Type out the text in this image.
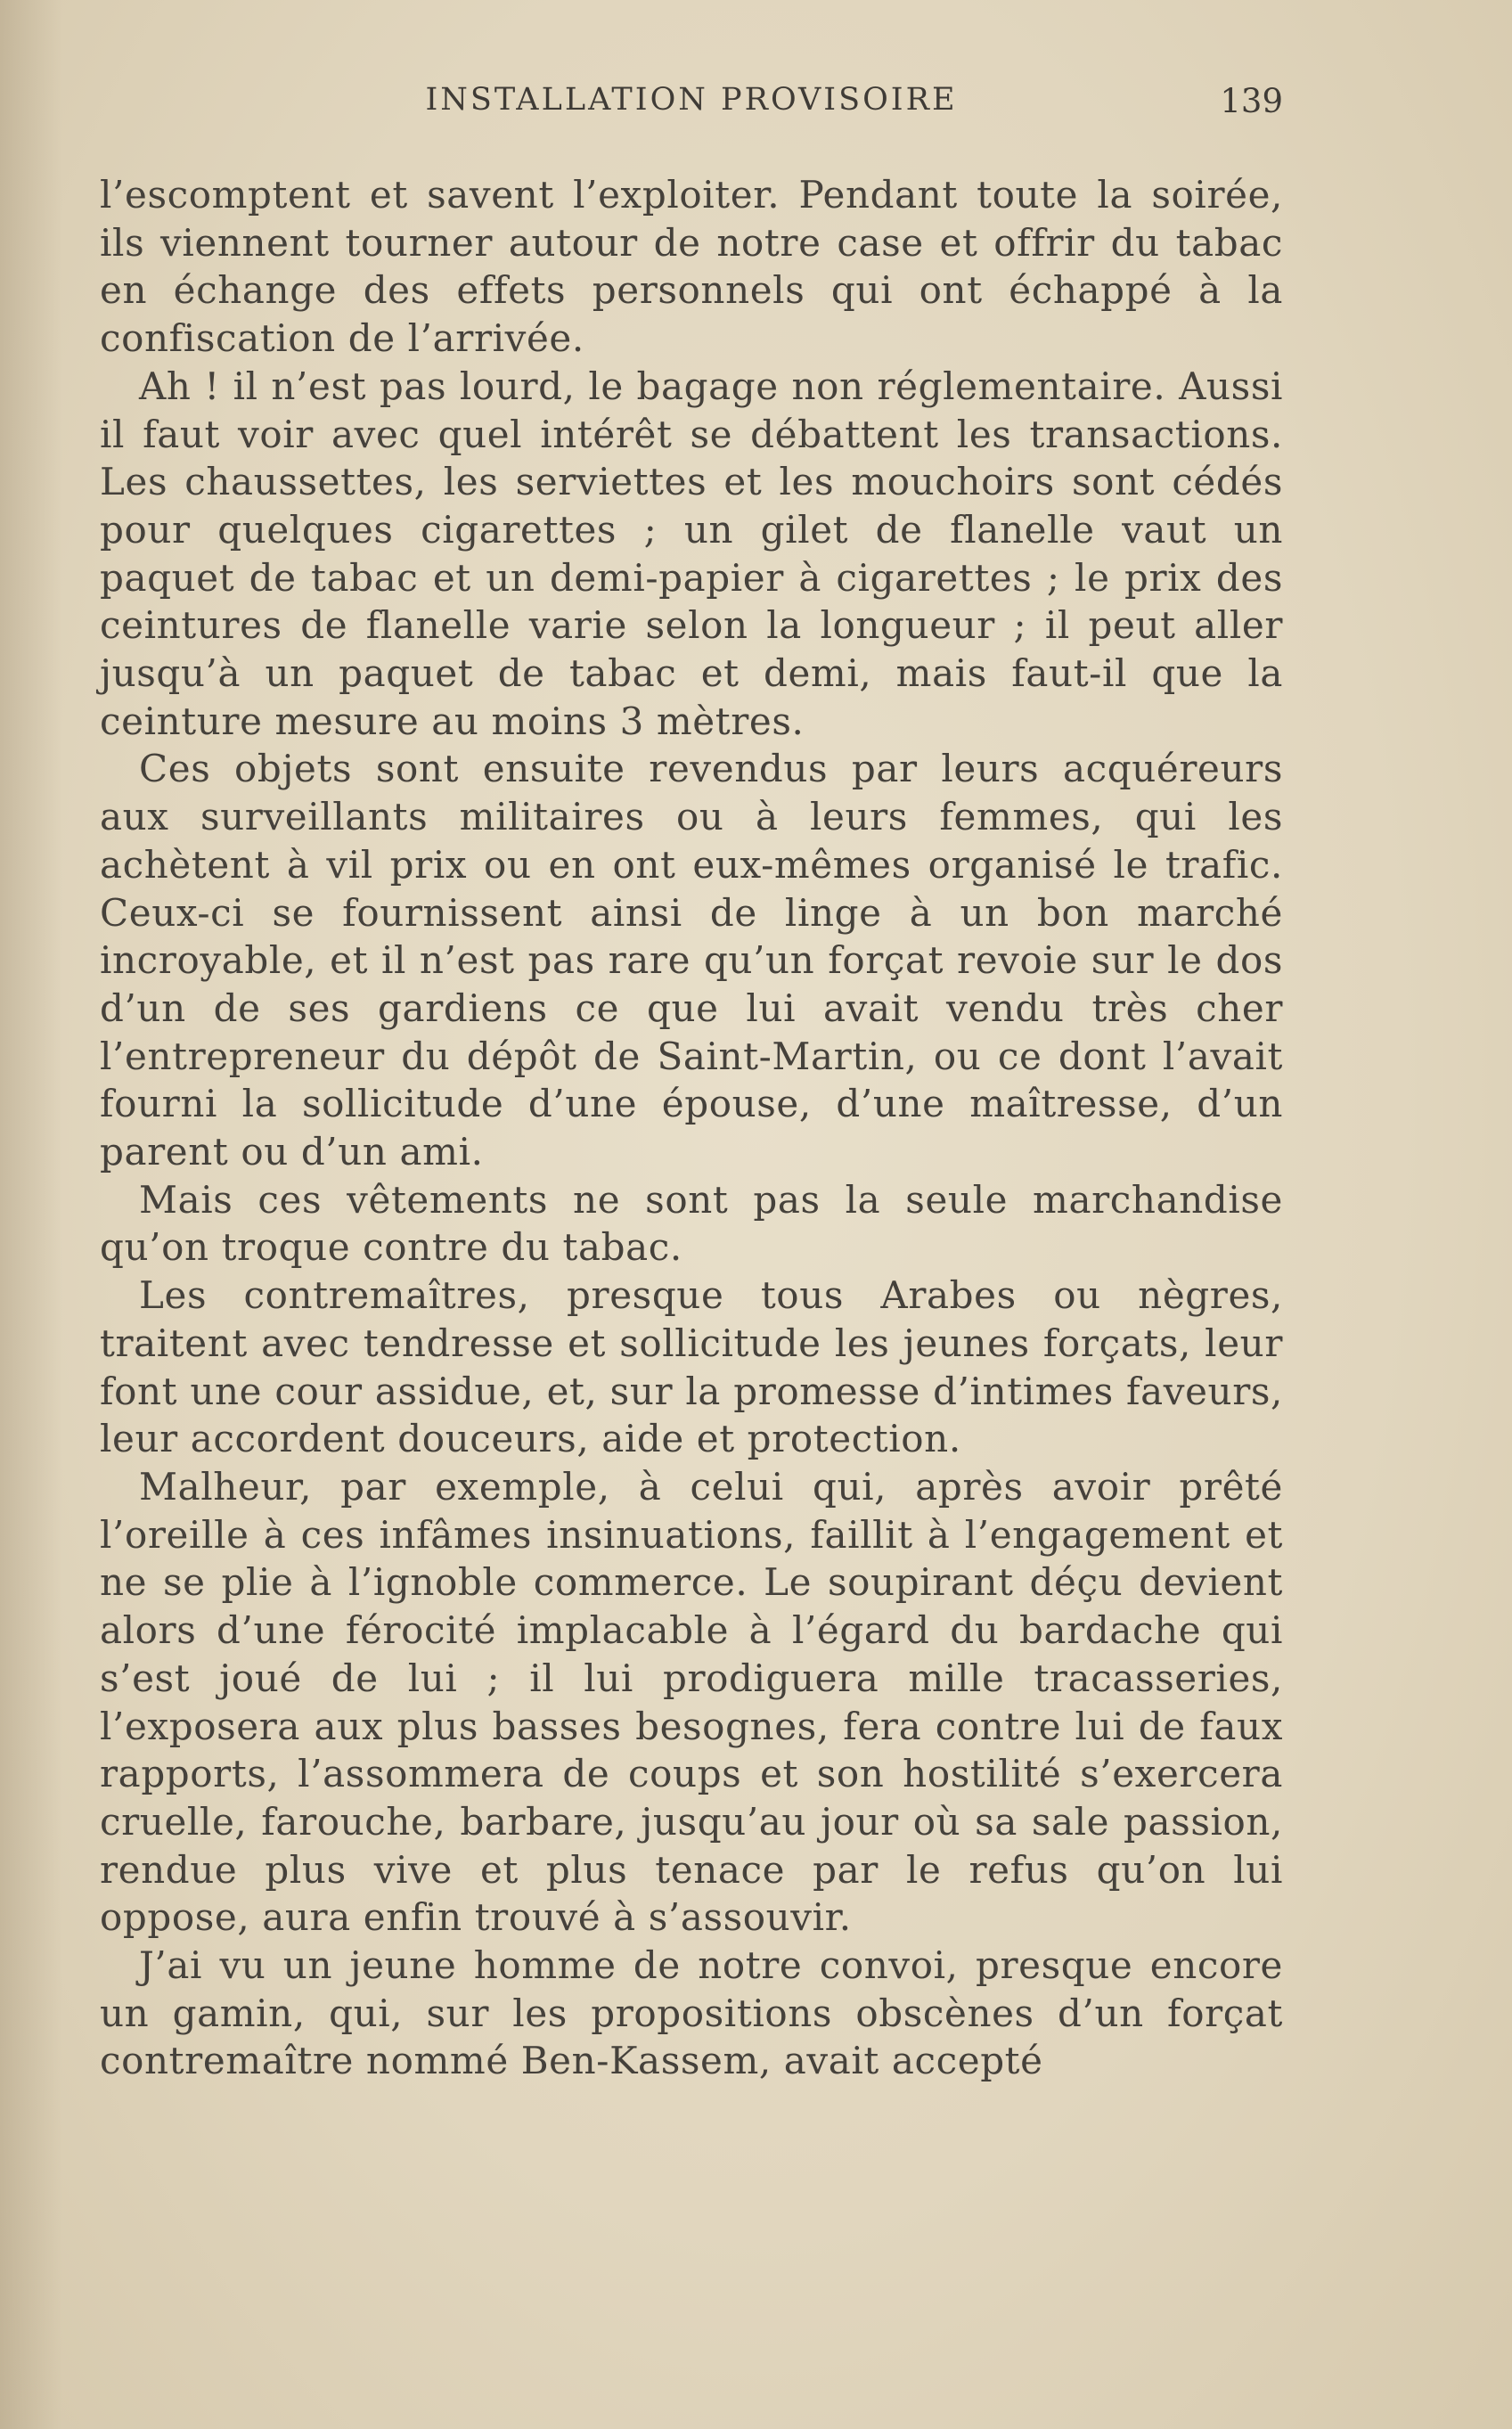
INSTALLATION PROVISOIRE	139

l’escomptent et savent l’exploiter. Pendant toute la soirée, ils viennent tourner autour de notre case et offrir du tabac en échange des effets personnels qui ont échappé à la confiscation de l’arrivée.

Ah ! il n’est pas lourd, le bagage non réglementaire. Aussi il faut voir avec quel intérêt se débattent les transactions. Les chaussettes, les serviettes et les mouchoirs sont cédés pour quelques cigarettes ; un gilet de flanelle vaut un paquet de tabac et un demi-papier à cigarettes ; le prix des ceintures de flanelle varie selon la longueur ; il peut aller jusqu’à un paquet de tabac et demi, mais faut-il que la ceinture mesure au moins 3 mètres.

Ces objets sont ensuite revendus par leurs acquéreurs aux surveillants militaires ou à leurs femmes, qui les achètent à vil prix ou en ont eux-mêmes organisé le trafic. Ceux-ci se fournissent ainsi de linge à un bon marché incroyable, et il n’est pas rare qu’un forçat revoie sur le dos d’un de ses gardiens ce que lui avait vendu très cher l’entrepreneur du dépôt de Saint-Martin, ou ce dont l’avait fourni la sollicitude d’une épouse, d’une maîtresse, d’un parent ou d’un ami.

Mais ces vêtements ne sont pas la seule marchandise qu’on troque contre du tabac.

Les contremaîtres, presque tous Arabes ou nègres, traitent avec tendresse et sollicitude les jeunes forçats, leur font une cour assidue, et, sur la promesse d’intimes faveurs, leur accordent douceurs, aide et protection.

Malheur, par exemple, à celui qui, après avoir prêté l’oreille à ces infâmes insinuations, faillit à l’engagement et ne se plie à l’ignoble commerce. Le soupirant déçu devient alors d’une férocité implacable à l’égard du bardache qui s’est joué de lui ; il lui prodiguera mille tracasseries, l’exposera aux plus basses besognes, fera contre lui de faux rapports, l’assommera de coups et son hostilité s’exercera cruelle, farouche, barbare, jusqu’au jour où sa sale passion, rendue plus vive et plus tenace par le refus qu’on lui oppose, aura enfin trouvé à s’assouvir.

J’ai vu un jeune homme de notre convoi, presque encore un gamin, qui, sur les propositions obscènes d’un forçat contremaître nommé Ben-Kassem, avait accepté
